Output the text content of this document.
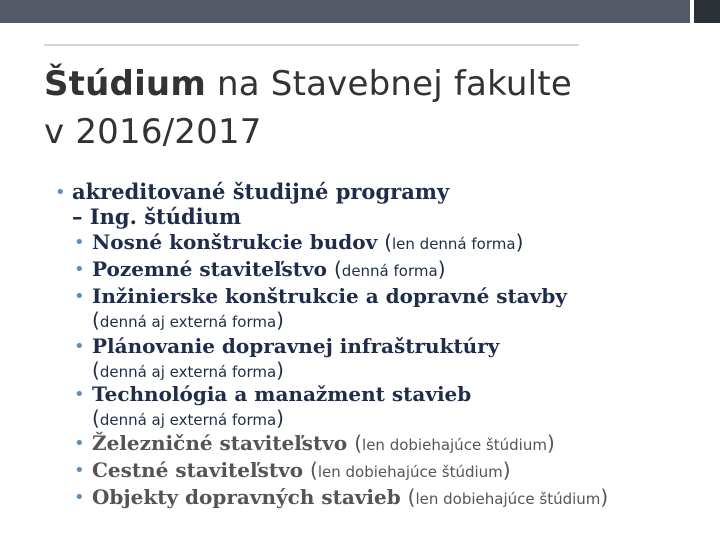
Štúdium na Stavebnej fakulte
v 2016/2017
• akreditované študijné programy
– Ing. štúdium
• Nosné konštrukcie budov (len denná forma)
• Pozemné staviteľstvo (denná forma)
• Inžinierske konštrukcie a dopravné stavby
(denná aj externá forma)
• Plánovanie dopravnej infraštruktúry
(denná aj externá forma)
• Technológia a manažment stavieb
(denná aj externá forma)
• Železničné staviteľstvo (len dobiehajúce štúdium)
• Cestné staviteľstvo (len dobiehajúce štúdium)
• Objekty dopravných stavieb (len dobiehajúce štúdium)
